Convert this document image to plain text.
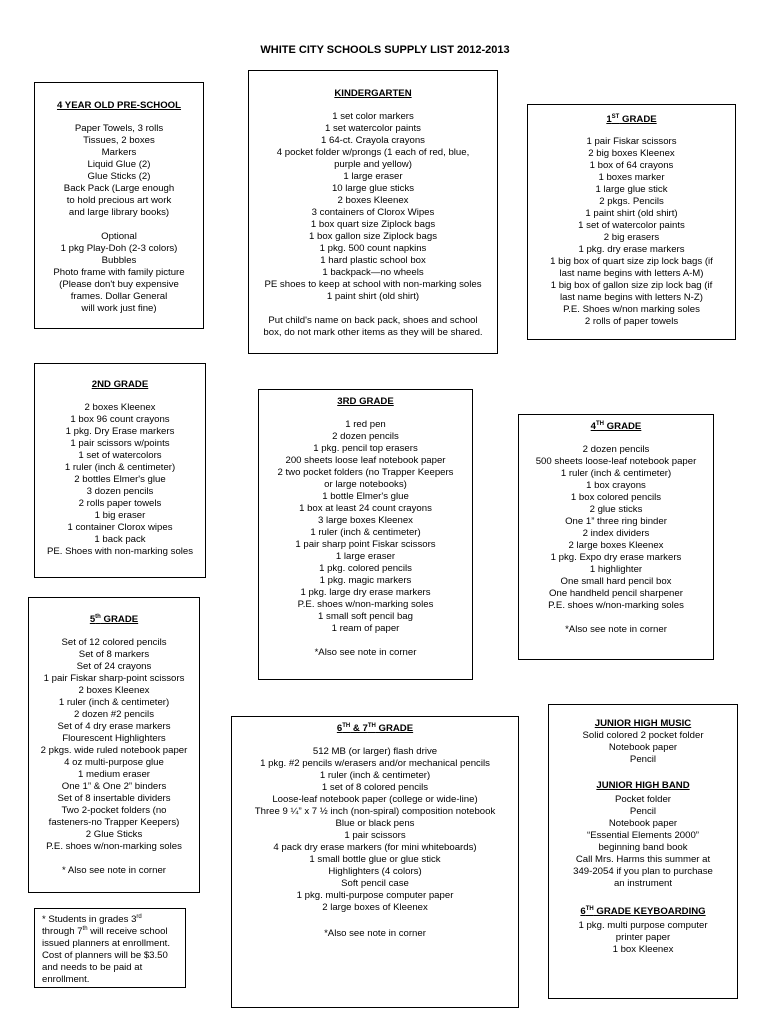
WHITE CITY SCHOOLS SUPPLY LIST 2012-2013
4 YEAR OLD PRE-SCHOOL

Paper Towels, 3 rolls

Tissues, 2 boxes

Markers

Liquid Glue (2)

Glue Sticks (2)

Back Pack (Large enough

to hold precious art work

and large library books)

Optional

1 pkg Play-Doh (2-3 colors)

Bubbles

Photo frame with family picture

(Please don't buy expensive

frames. Dollar General

will work just fine)

KINDERGARTEN

1 set color markers

1 set watercolor paints

1 64-ct. Crayola crayons

4 pocket folder w/prongs (1 each of red, blue,

purple and yellow)

1 large eraser

10 large glue sticks

2 boxes Kleenex

3 containers of Clorox Wipes

1 box quart size Ziplock bags

1 box gallon size Ziplock bags

1 pkg. 500 count napkins

1 hard plastic school box

1 backpack—no wheels

PE shoes to keep at school with non-marking soles

1 paint shirt (old shirt)

Put child's name on back pack, shoes and school

box, do not mark other items as they will be shared.

1ST GRADE

1 pair Fiskar scissors

2 big boxes Kleenex

1 box of 64 crayons

1 boxes marker

1 large glue stick

2 pkgs. Pencils

1 paint shirt (old shirt)

1 set of watercolor paints

2 big erasers

1 pkg. dry erase markers

1 big box of quart size zip lock bags (if

last name begins with letters A-M)

1 big box of gallon size zip lock bag (if

last name begins with letters N-Z)

P.E. Shoes w/non marking soles

2 rolls of paper towels

2ND GRADE

2 boxes Kleenex

1 box 96 count crayons

1 pkg. Dry Erase markers

1 pair scissors w/points

1 set of watercolors

1 ruler (inch & centimeter)

2 bottles Elmer's glue

3 dozen pencils

2 rolls paper towels

1 big eraser

1 container Clorox wipes

1 back pack

PE. Shoes with non-marking soles

3RD GRADE

1 red pen

2 dozen pencils

1 pkg. pencil top erasers

200 sheets loose leaf notebook paper

2 two pocket folders (no Trapper Keepers

or large notebooks)

1 bottle Elmer's glue

1 box at least 24 count crayons

3 large boxes Kleenex

1 ruler (inch & centimeter)

1 pair sharp point Fiskar scissors

1 large eraser

1 pkg. colored pencils

1 pkg. magic markers

1 pkg. large dry erase markers

P.E. shoes w/non-marking soles

1 small soft pencil bag

1 ream of paper

*Also see note in corner
4TH GRADE

2 dozen pencils

500 sheets loose-leaf notebook paper

1 ruler (inch & centimeter)

1 box crayons

1 box colored pencils

2 glue sticks

One 1” three ring binder

2 index dividers

2 large boxes Kleenex

1 pkg. Expo dry erase markers

1 highlighter

One small hard pencil box

One handheld pencil sharpener

P.E. shoes w/non-marking soles

*Also see note in corner
5th GRADE

Set of 12 colored pencils

Set of 8 markers

Set of 24 crayons

1 pair Fiskar sharp-point scissors

2 boxes Kleenex

1 ruler (inch & centimeter)

2 dozen #2 pencils

Set of 4 dry erase markers

Flourescent Highlighters

2 pkgs. wide ruled notebook paper

4 oz multi-purpose glue

1 medium eraser

One 1” & One 2” binders

Set of 8 insertable dividers

Two 2-pocket folders (no

fasteners-no Trapper Keepers)

2 Glue Sticks

P.E. shoes w/non-marking soles

* Also see note in corner
6TH & 7TH GRADE

512 MB (or larger) flash drive

1 pkg. #2 pencils w/erasers and/or mechanical pencils

1 ruler (inch & centimeter)

1 set of 8 colored pencils

Loose-leaf notebook paper (college or wide-line)

Three 9 ¼” x 7 ½ inch (non-spiral) composition notebook

Blue or black pens

1 pair scissors

4 pack dry erase markers (for mini whiteboards)

1 small bottle glue or glue stick

Highlighters (4 colors)

Soft pencil case

1 pkg. multi-purpose computer paper

2 large boxes of Kleenex

*Also see note in corner
JUNIOR HIGH MUSIC

Solid colored 2 pocket folder

Notebook paper

Pencil

JUNIOR HIGH BAND

Pocket folder

Pencil

Notebook paper

“Essential Elements 2000”

beginning band book

Call Mrs. Harms this summer at

349-2054 if you plan to purchase

an instrument

6TH GRADE KEYBOARDING

1 pkg. multi purpose computer

printer paper

1 box Kleenex

* Students in grades 3rd

through 7th will receive school

issued planners at enrollment.

Cost of planners will be $3.50

and needs to be paid at

enrollment.
